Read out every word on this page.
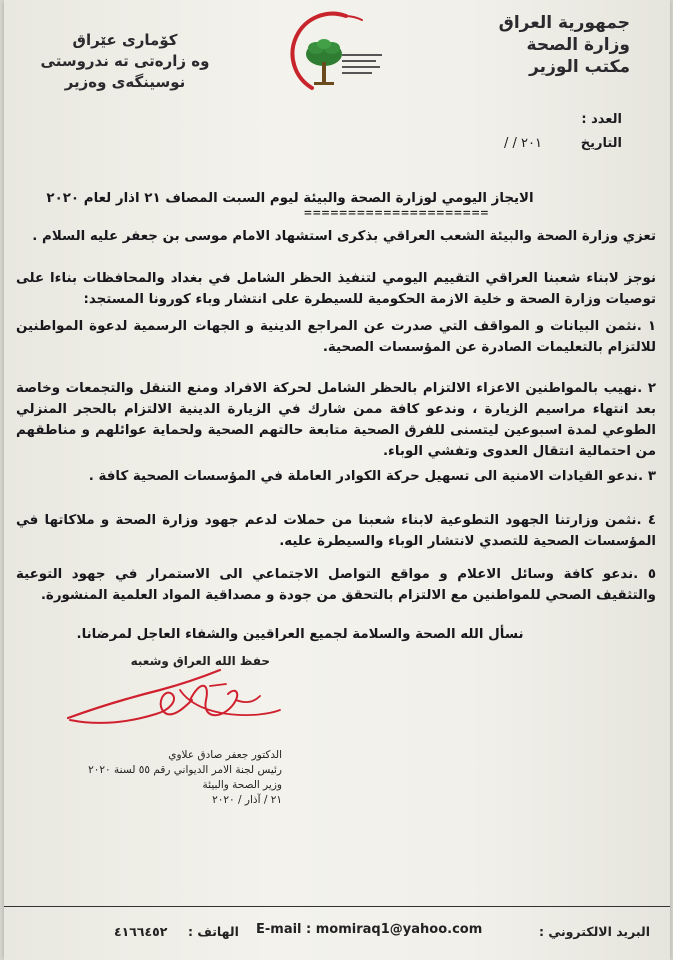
جمهورية العراق
وزارة الصحة
مكتب الوزير
كۆمارى عێراق
وه زارەتى تە ندروستى
نوسينگەى وەزير
العدد :
التاريخ
/ / ٢٠١
الايجاز اليومي لوزارة الصحة والبيئة ليوم السبت المصاف ٢١ اذار لعام ٢٠٢٠
=====================
تعزي وزارة الصحة والبيئة الشعب العراقي بذكرى استشهاد الامام موسى بن جعفر عليه السلام .
نوجز لابناء شعبنا العراقي التقييم اليومي لتنفيذ الحظر الشامل في بغداد والمحافظات بناءا على توصيات وزارة الصحة و خلية الازمة الحكومية للسيطرة على انتشار وباء كورونا المستجد:
١ .نثمن البيانات و المواقف التي صدرت عن المراجع الدينية و الجهات الرسمية لدعوة المواطنين للالتزام بالتعليمات الصادرة عن المؤسسات الصحية.
٢ .نهيب بالمواطنين الاعزاء الالتزام بالحظر الشامل لحركة الافراد ومنع التنقل والتجمعات وخاصة بعد انتهاء مراسيم الزيارة ، وندعو كافة ممن شارك في الزيارة الدينية الالتزام بالحجر المنزلي الطوعي لمدة اسبوعين ليتسنى للفرق الصحية متابعة حالتهم الصحية ولحماية عوائلهم و مناطقهم من احتمالية انتقال العدوى وتفشي الوباء.
٣ .ندعو القيادات الامنية الى تسهيل حركة الكوادر العاملة في المؤسسات الصحية كافة .
٤ .نثمن وزارتنا الجهود التطوعية لابناء شعبنا من حملات لدعم جهود وزارة الصحة و ملاكاتها في المؤسسات الصحية للتصدي لانتشار الوباء والسيطرة عليه.
٥ .ندعو كافة وسائل الاعلام و مواقع التواصل الاجتماعي الى الاستمرار في جهود التوعية والتثقيف الصحي للمواطنين مع الالتزام بالتحقق من جودة و مصداقية المواد العلمية المنشورة.
نسأل الله الصحة والسلامة لجميع العراقيين والشفاء العاجل لمرضانا.
حفظ الله العراق وشعبه
الدكتور جعفر صادق علاوي
رئيس لجنة الامر الديواني رقم ٥٥ لسنة ٢٠٢٠
وزير الصحة والبيئة
٢١ / آذار / ٢٠٢٠
البريد الالكتروني :
E-mail : momiraq1@yahoo.com
الهاتف :
٤١٦٦٤٥٢
